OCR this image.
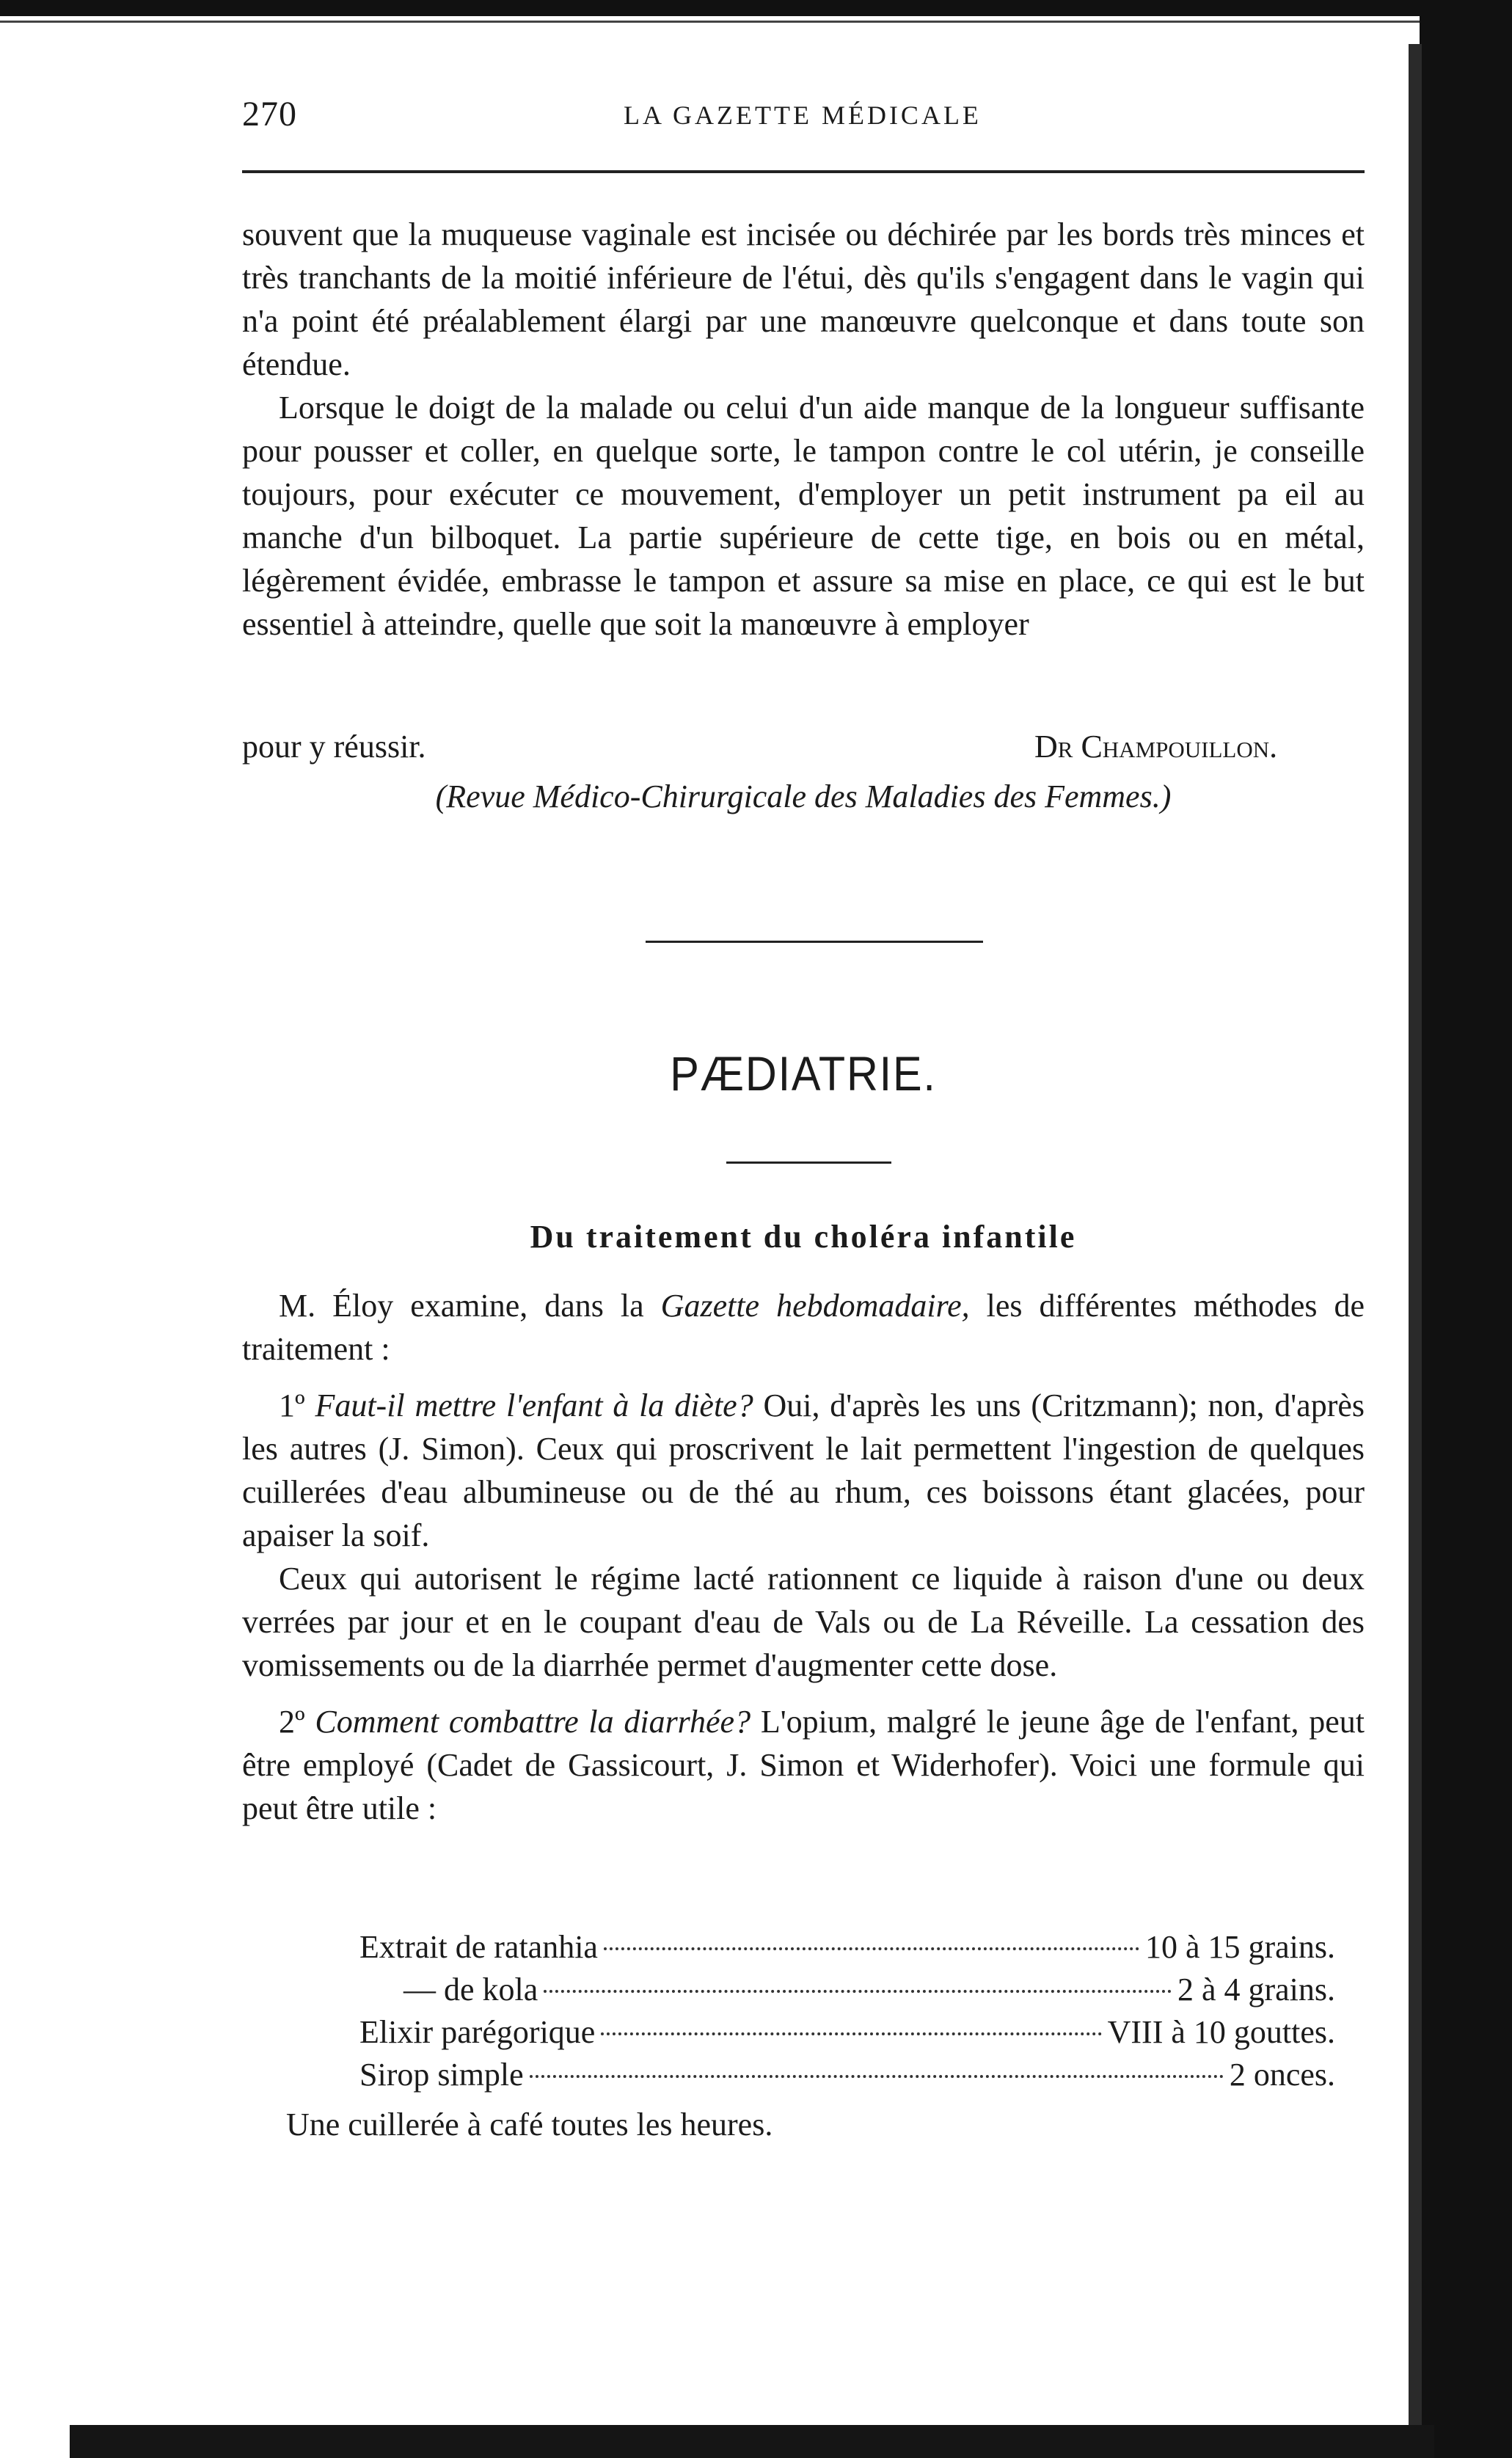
270	LA GAZETTE MÉDICALE

souvent que la muqueuse vaginale est incisée ou déchirée par les bords très minces et très tranchants de la moitié inférieure de l'étui, dès qu'ils s'engagent dans le vagin qui n'a point été préalablement élargi par une manœuvre quelconque et dans toute son étendue.

Lorsque le doigt de la malade ou celui d'un aide manque de la longueur suffisante pour pousser et coller, en quelque sorte, le tampon contre le col utérin, je conseille toujours, pour exécuter ce mouvement, d'employer un petit instrument pa eil au manche d'un bilboquet. La partie supérieure de cette tige, en bois ou en métal, légèrement évidée, embrasse le tampon et assure sa mise en place, ce qui est le but essentiel à atteindre, quelle que soit la manœuvre à employer

pour y réussir.	Dr Champouillon.
(Revue Médico-Chirurgicale des Maladies des Femmes.)
PÆDIATRIE.
Du traitement du choléra infantile

M. Éloy examine, dans la Gazette hebdomadaire, les différentes méthodes de traitement :

1º Faut-il mettre l'enfant à la diète? Oui, d'après les uns (Critzmann); non, d'après les autres (J. Simon). Ceux qui proscrivent le lait permettent l'ingestion de quelques cuillerées d'eau albumineuse ou de thé au rhum, ces boissons étant glacées, pour apaiser la soif.

Ceux qui autorisent le régime lacté rationnent ce liquide à raison d'une ou deux verrées par jour et en le coupant d'eau de Vals ou de La Réveille. La cessation des vomissements ou de la diarrhée permet d'augmenter cette dose.

2º Comment combattre la diarrhée? L'opium, malgré le jeune âge de l'enfant, peut être employé (Cadet de Gassicourt, J. Simon et Widerhofer). Voici une formule qui peut être utile :

Extrait de ratanhia	10 à 15 grains.
— de kola	2 à 4 grains.
Elixir parégorique	VIII à 10 gouttes.
Sirop simple	2 onces.
Une cuillerée à café toutes les heures.
